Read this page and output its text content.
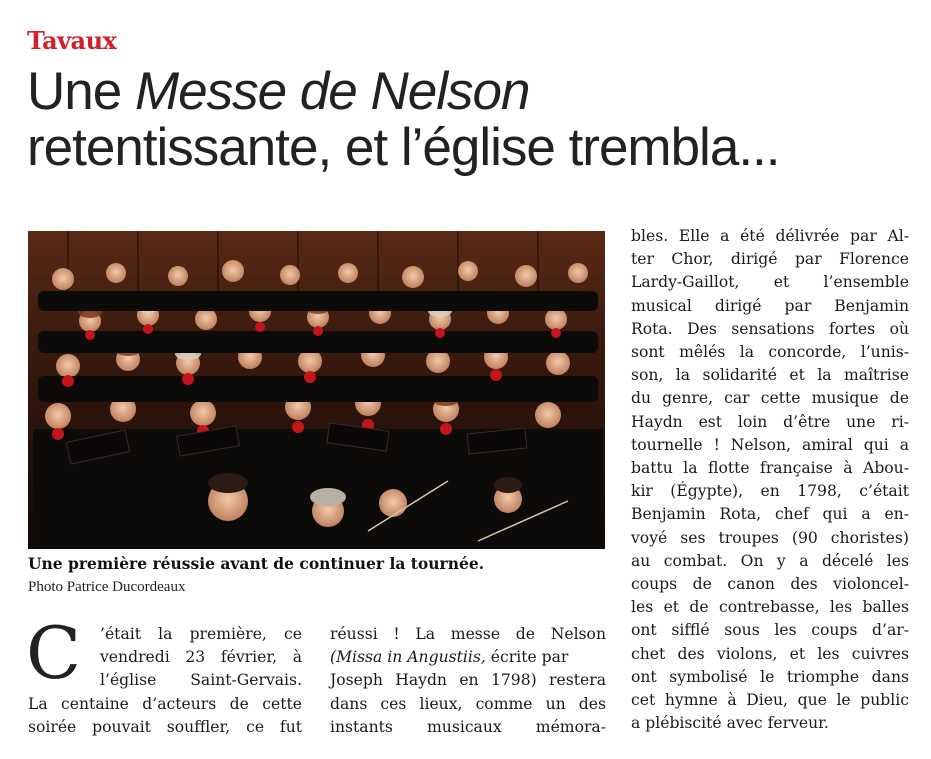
Tavaux
Une Messe de Nelson
retentissante, et l’église trembla...
Une première réussie avant de continuer la tournée.
Photo Patrice Ducordeaux
C	’était la première, ce
vendredi 23 février, à
l’église Saint-Gervais.
La centaine d’acteurs de cette
soirée pouvait souffler, ce fut
réussi ! La messe de Nelson
(Missa in Angustiis, écrite par
Joseph Haydn en 1798) restera
dans ces lieux, comme un des
instants musicaux mémora-
bles. Elle a été délivrée par Al-
ter Chor, dirigé par Florence
Lardy-Gaillot, et l’ensemble
musical dirigé par Benjamin
Rota. Des sensations fortes où
sont mêlés la concorde, l’unis-
son, la solidarité et la maîtrise
du genre, car cette musique de
Haydn est loin d’être une ri-
tournelle ! Nelson, amiral qui a
battu la flotte française à Abou-
kir (Égypte), en 1798, c’était
Benjamin Rota, chef qui a en-
voyé ses troupes (90 choristes)
au combat. On y a décelé les
coups de canon des violoncel-
les et de contrebasse, les balles
ont sifflé sous les coups d’ar-
chet des violons, et les cuivres
ont symbolisé le triomphe dans
cet hymne à Dieu, que le public
a plébiscité avec ferveur.
